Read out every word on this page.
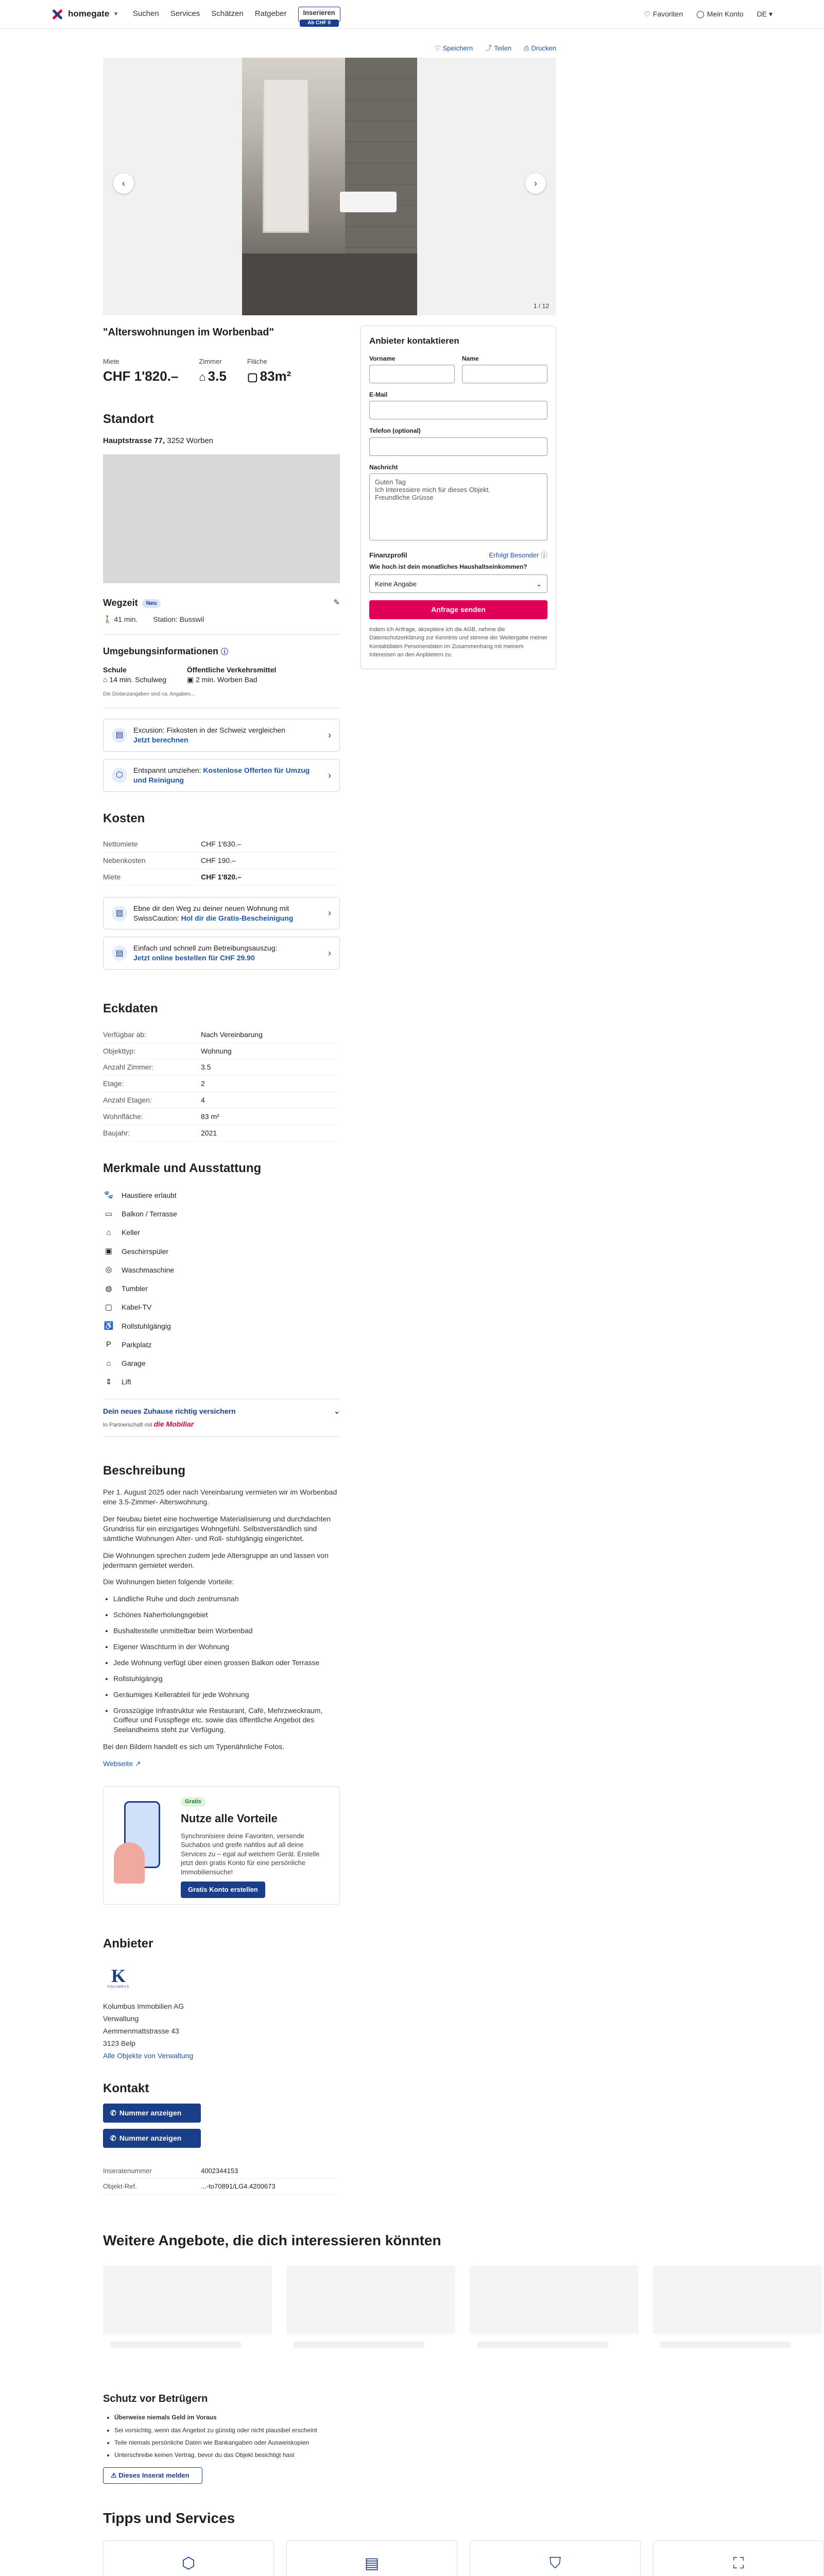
homegate ▾ Suchen Services Schätzen Ratgeber	Inserieren
Ab CHF 0
♡ Favoriten ◯ Mein Konto DE ▾
♡ Speichern ⤴ Teilen ⎙ Drucken
‹	›
1 / 12
"Alterswohnungen im Worbenbad"
Miete
CHF 1'820.–
Zimmer
⌂ 3.5
Fläche
▢ 83m²
Standort
Hauptstrasse 77, 3252 Worben
Wegzeit Neu	✎
🚶 41 min. Station: Busswil
Umgebungsinformationen ⓘ
Schule
⌂ 14 min. Schulweg
Öffentliche Verkehrsmittel
▣ 2 min. Worben Bad
Die Distanzangaben sind ca. Angaben...
▤
Excusion: Fixkosten in der Schweiz vergleichen
Jetzt berechnen	›
⬡
Entspannt umziehen: Kostenlose Offerten für Umzug und Reinigung	›
Kosten
Nettomiete	CHF 1'630.–
Nebenkosten	CHF 190.–
Miete	CHF 1'820.–
▥
Ebne dir den Weg zu deiner neuen Wohnung mit SwissCaution: Hol dir die Gratis-Bescheinigung	›
▤
Einfach und schnell zum Betreibungsauszug:
Jetzt online bestellen für CHF 29.90	›
Eckdaten
Verfügbar ab:	Nach Vereinbarung
Objekttyp:	Wohnung
Anzahl Zimmer:	3.5
Etage:	2
Anzahl Etagen:	4
Wohnfläche:	83 m²
Baujahr:	2021
Merkmale und Ausstattung
🐾 Haustiere erlaubt
▭ Balkon / Terrasse
⌂	Keller
▣ Geschirrspüler
◎	Waschmaschine
◍	Tumbler
▢ Kabel-TV
♿ Rollstuhlgängig
P	Parkplatz
⌂	Garage
⇕	Lift
Dein neues Zuhause richtig versichern	⌄
In Partnerschaft mit die Mobiliar
Beschreibung

Per 1. August 2025 oder nach Vereinbarung vermieten wir im Worbenbad eine 3.5-Zimmer- Alterswohnung.

Der Neubau bietet eine hochwertige Materialisierung und durchdachten Grundriss für ein einzigartiges Wohngefühl. Selbstverständlich sind sämtliche Wohnungen Alter- und Roll- stuhlgängig eingerichtet.

Die Wohnungen sprechen zudem jede Altersgruppe an und lassen von jedermann gemietet werden.

Die Wohnungen bieten folgende Vorteile:

• Ländliche Ruhe und doch zentrumsnah
• Schönes Naherholungsgebiet
• Bushaltestelle unmittelbar beim Worbenbad
• Eigener Waschturm in der Wohnung
• Jede Wohnung verfügt über einen grossen Balkon oder Terrasse
• Rollstuhlgängig
• Geräumiges Kellerabteil für jede Wohnung
• Grosszügige Infrastruktur wie Restaurant, Café, Mehrzweckraum, Coiffeur und Fusspflege etc. sowie das öffentliche Angebot des Seelandheims steht zur Verfügung.

Bei den Bildern handelt es sich um Typenähnliche Fotos.

Webseite ↗
Gratis
Nutze alle Vorteile

Synchronisiere deine Favoriten, versende Suchabos und greife nahtlos auf all deine Services zu – egal auf welchem Gerät. Erstelle jetzt dein gratis Konto für eine persönliche Immobiliensuche!

Gratis Konto erstellen
Anbieter
K
KOLUMBUS
Kolumbus Immobilien AG
Verwaltung
Aemmenmattstrasse 43
3123 Belp
Alle Objekte von Verwaltung
Kontakt
✆ Nummer anzeigen
✆ Nummer anzeigen
Inseratenummer	4002344153
Objekt-Ref.	...-to70891/LG4.4200673
Anbieter kontaktieren
Vorname	Name
E-Mail
Telefon (optional)
Nachricht
Guten Tag Ich interessiere mich für dieses Objekt. Freundliche Grüsse
Finanzprofil	Erfolgt Besonder ⓘ
Wie hoch ist dein monatliches Haushaltseinkommen?
Keine Angabe	⌄
Anfrage senden
Indem ich Anfrage, akzeptiere ich die AGB, nehme die Datenschutzerklärung zur Kenntnis und stimme der Weitergabe meiner Kontaktdaten Personendaten im Zusammenhang mit meinem Interessen an den Anpbietern zu.
Weitere Angebote, die dich interessieren könnten
Schutz vor Betrügern
• Überweise niemals Geld im Voraus
• Sei vorsichtig, wenn das Angebot zu günstig oder nicht plausibel erscheint
• Teile niemals persönliche Daten wie Bankangaben oder Ausweiskopien
• Unterschreibe keinen Vertrag, bevor du das Objekt besichtigt hast
⚠ Dieses Inserat melden
Tipps und Services
⬡	▤	⛉	⛶
